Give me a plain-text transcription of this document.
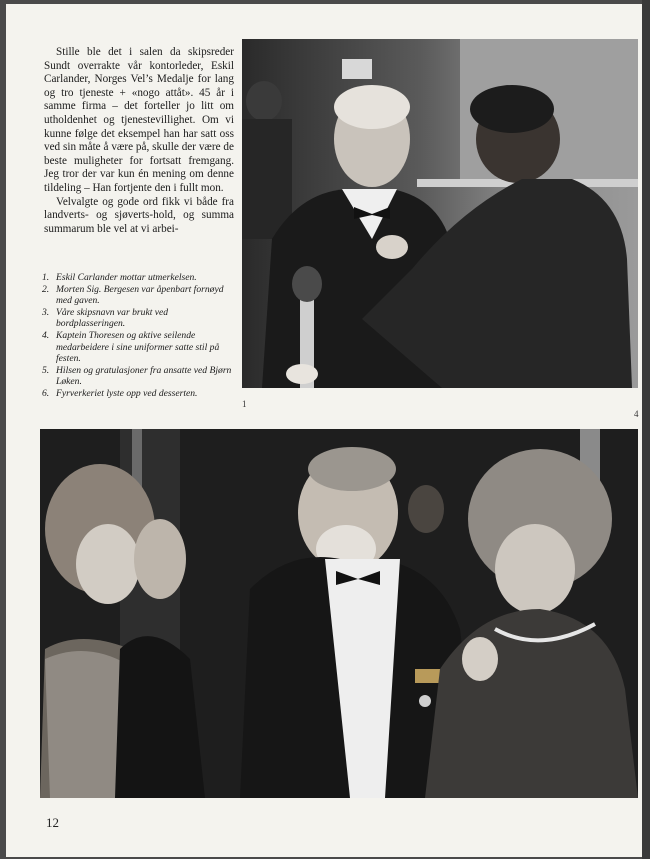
Stille ble det i salen da skipsreder Sundt overrakte vår kontorleder, Eskil Carlander, Norges Vel’s Medalje for lang og tro tjeneste + «nogo attåt». 45 år i samme firma – det forteller jo litt om utholdenhet og tjenestevillighet. Om vi kunne følge det eksempel han har satt oss ved sin måte å være på, skulle der være de beste muligheter for fortsatt fremgang. Jeg tror der var kun én mening om denne tildeling – Han fortjente den i fullt mon.

Velvalgte og gode ord fikk vi både fra landverts- og sjøverts-hold, og summa summarum ble vel at vi arbei-

1. Eskil Carlander mottar utmerkelsen.
2. Morten Sig. Bergesen var åpenbart fornøyd med gaven.
3. Våre skipsnavn var brukt ved bordplasseringen.
4. Kaptein Thoresen og aktive seilende medarbeidere i sine uniformer satte stil på festen.
5. Hilsen og gratulasjoner fra ansatte ved Bjørn Løken.
6. Fyrverkeriet lyste opp ved desserten.
1
4
12
